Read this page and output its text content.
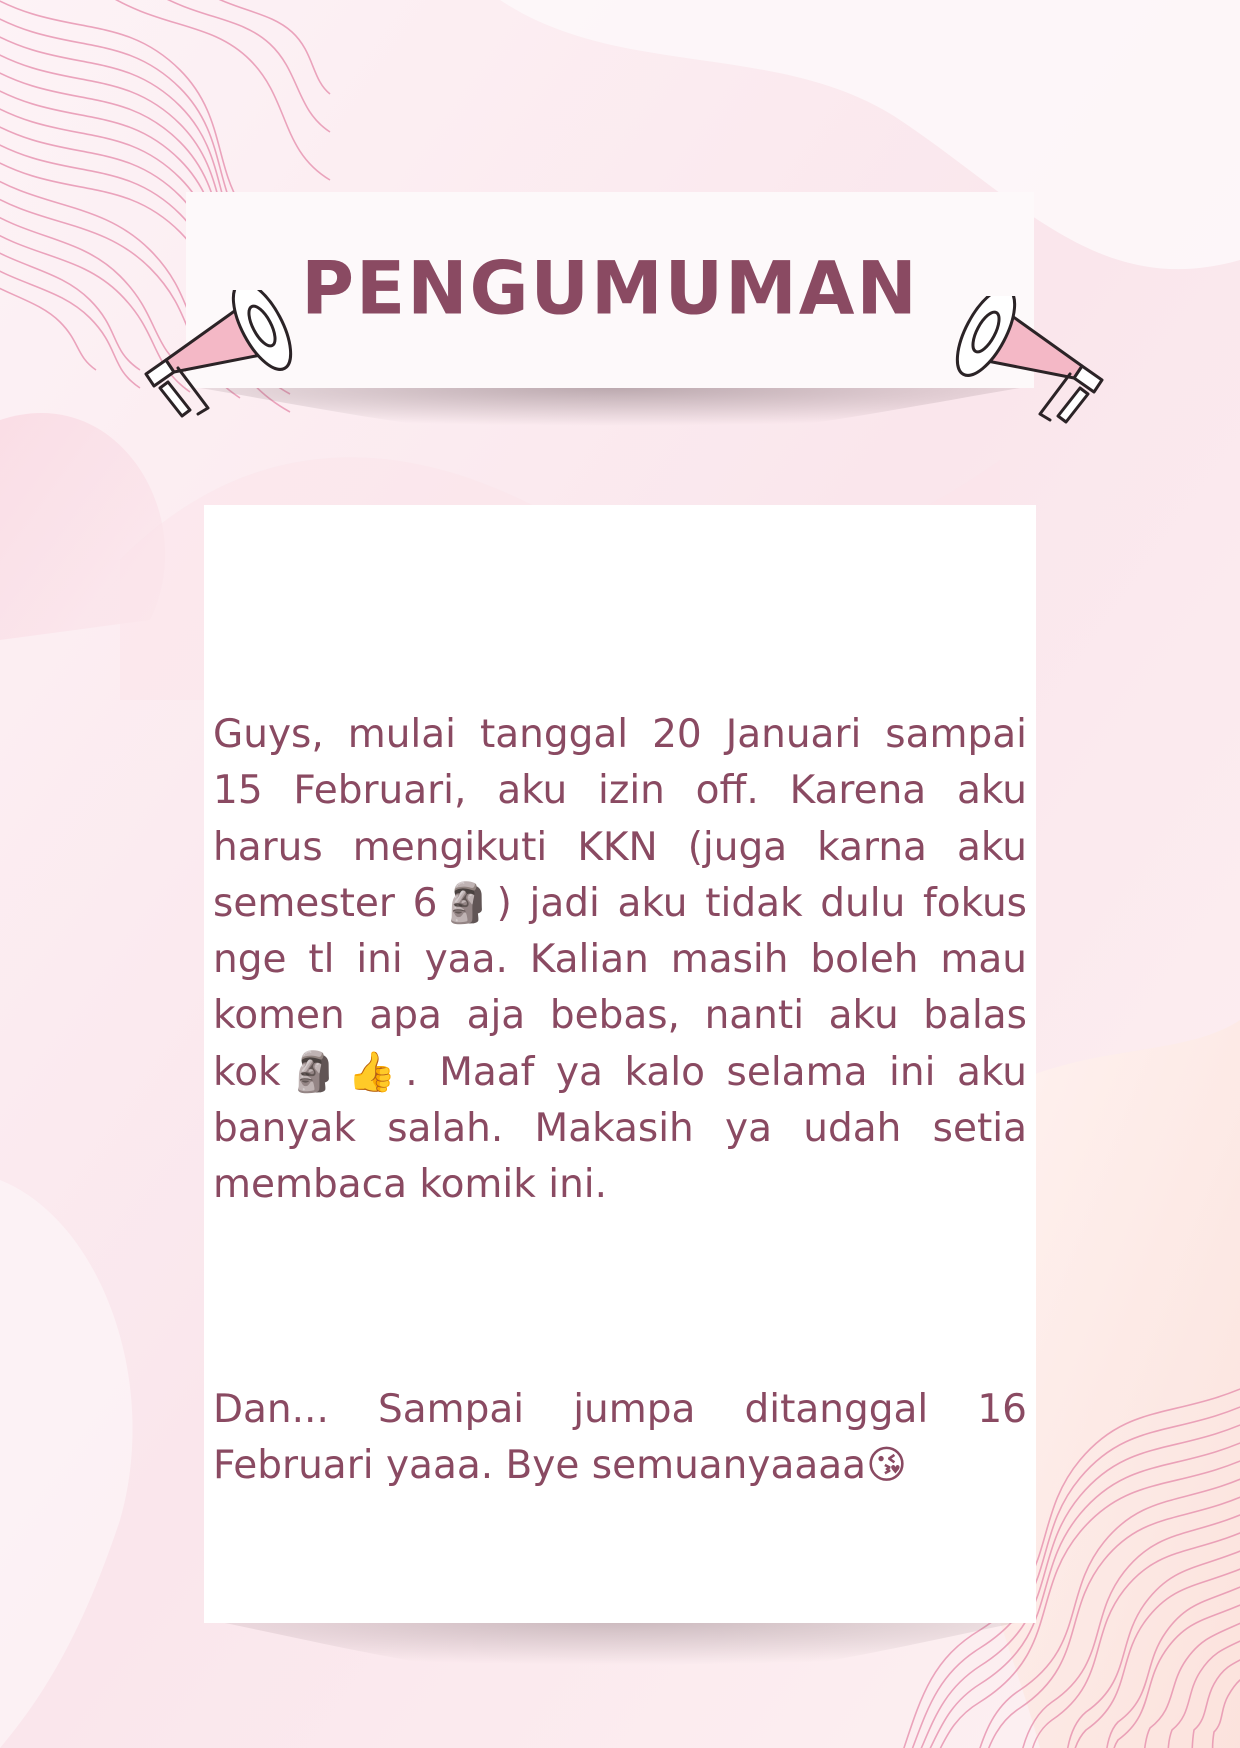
PENGUMUMAN

Guys, mulai tanggal 20 Januari sampai 15 Februari, aku izin off. Karena aku harus mengikuti KKN (juga karna aku semester 6🗿) jadi aku tidak dulu fokus nge tl ini yaa. Kalian masih boleh mau komen apa aja bebas, nanti aku balas kok🗿👍. Maaf ya kalo selama ini aku banyak salah. Makasih ya udah setia membaca komik ini.

Dan... Sampai jumpa ditanggal 16 Februari yaaa. Bye semuanyaaaa😘
